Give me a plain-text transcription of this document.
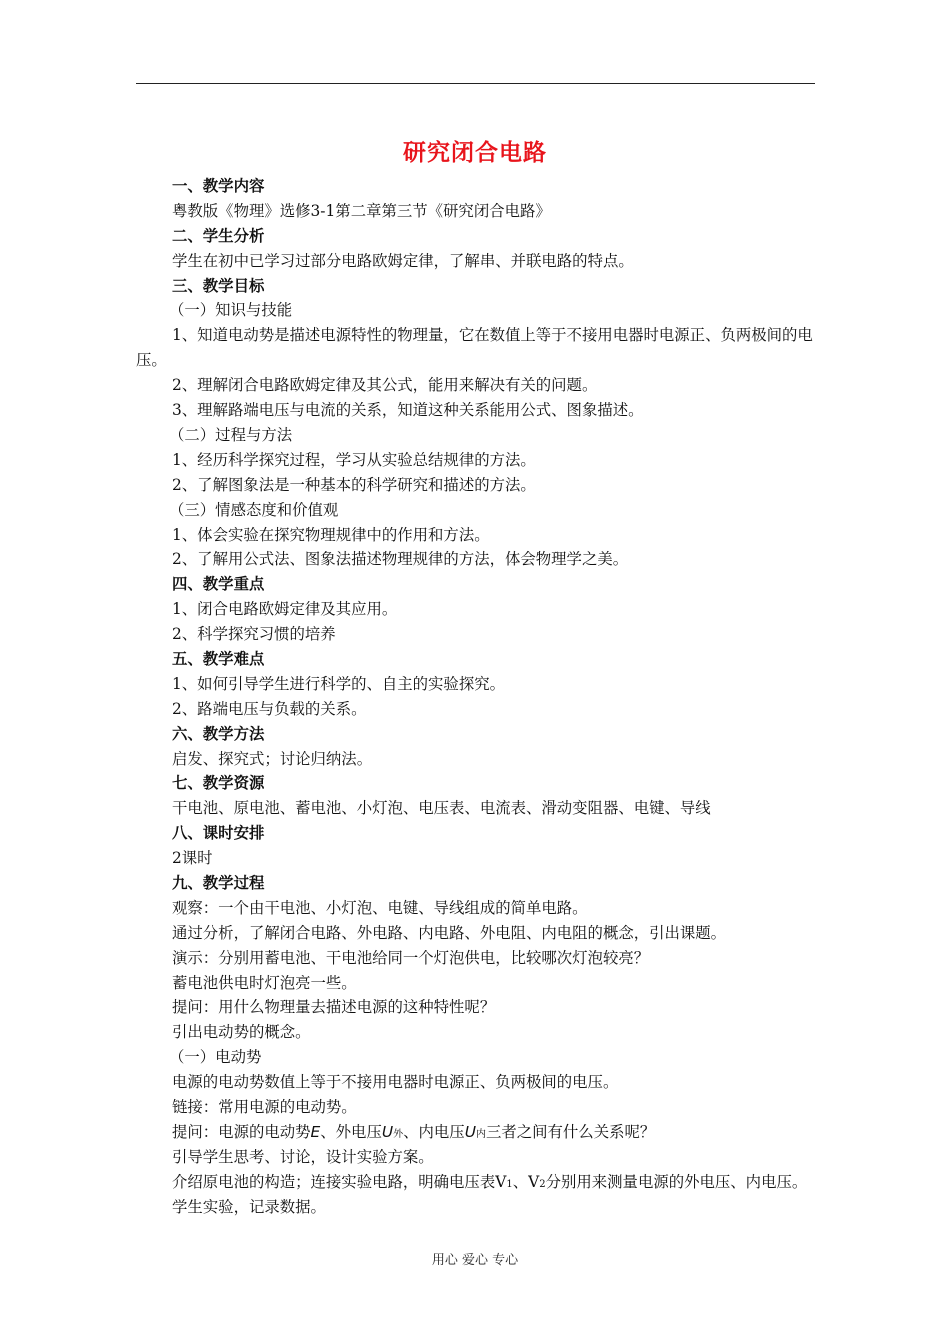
研究闭合电路
一、教学内容
粤教版《物理》选修3-1第二章第三节《研究闭合电路》
二、学生分析
学生在初中已学习过部分电路欧姆定律，了解串、并联电路的特点。
三、教学目标
（一）知识与技能
1、知道电动势是描述电源特性的物理量，它在数值上等于不接用电器时电源正、负两极间的电压。
2、理解闭合电路欧姆定律及其公式，能用来解决有关的问题。
3、理解路端电压与电流的关系，知道这种关系能用公式、图象描述。
（二）过程与方法
1、经历科学探究过程，学习从实验总结规律的方法。
2、了解图象法是一种基本的科学研究和描述的方法。
（三）情感态度和价值观
1、体会实验在探究物理规律中的作用和方法。
2、了解用公式法、图象法描述物理规律的方法，体会物理学之美。
四、教学重点
1、闭合电路欧姆定律及其应用。
2、科学探究习惯的培养
五、教学难点
1、如何引导学生进行科学的、自主的实验探究。
2、路端电压与负载的关系。
六、教学方法
启发、探究式；讨论归纳法。
七、教学资源
干电池、原电池、蓄电池、小灯泡、电压表、电流表、滑动变阻器、电键、导线
八、课时安排
2课时
九、教学过程
观察：一个由干电池、小灯泡、电键、导线组成的简单电路。
通过分析，了解闭合电路、外电路、内电路、外电阻、内电阻的概念，引出课题。
演示：分别用蓄电池、干电池给同一个灯泡供电，比较哪次灯泡较亮？
蓄电池供电时灯泡亮一些。
提问：用什么物理量去描述电源的这种特性呢？
引出电动势的概念。
（一）电动势
电源的电动势数值上等于不接用电器时电源正、负两极间的电压。
链接：常用电源的电动势。
提问：电源的电动势E、外电压U外、内电压U内三者之间有什么关系呢？
引导学生思考、讨论，设计实验方案。
介绍原电池的构造；连接实验电路，明确电压表V1、V2分别用来测量电源的外电压、内电压。
学生实验，记录数据。
用心 爱心 专心
